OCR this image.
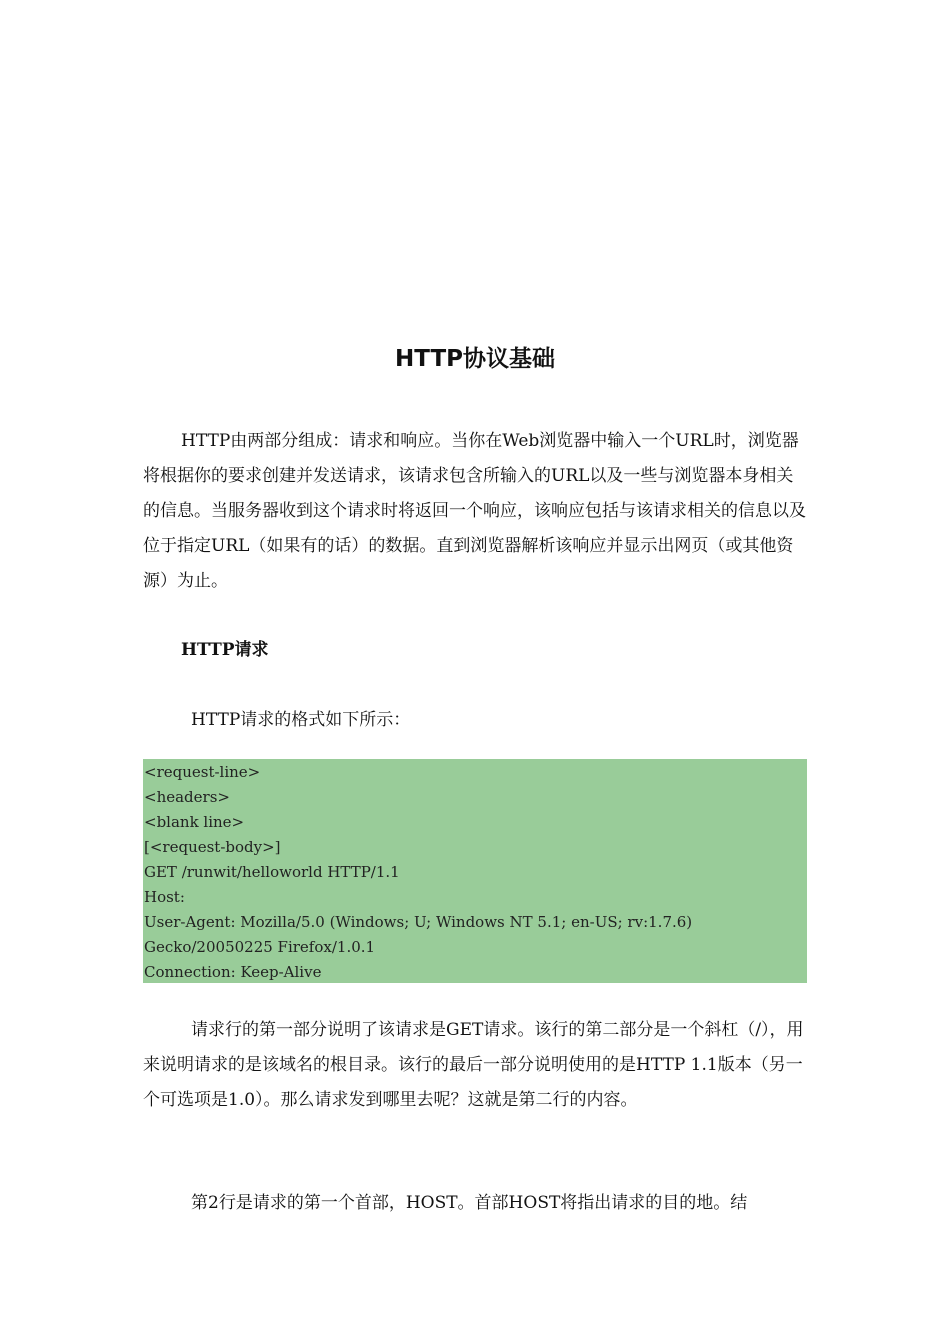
HTTP协议基础

HTTP由两部分组成：请求和响应。当你在Web浏览器中输入一个URL时，浏览器将根据你的要求创建并发送请求，该请求包含所输入的URL以及一些与浏览器本身相关的信息。当服务器收到这个请求时将返回一个响应，该响应包括与该请求相关的信息以及位于指定URL（如果有的话）的数据。直到浏览器解析该响应并显示出网页（或其他资源）为止。

HTTP请求

HTTP请求的格式如下所示：

<request-line>
<headers>
<blank line>
[<request-body>]
GET /runwit/helloworld HTTP/1.1
Host:
User-Agent: Mozilla/5.0 (Windows; U; Windows NT 5.1; en-US; rv:1.7.6)
Gecko/20050225 Firefox/1.0.1
Connection: Keep-Alive

请求行的第一部分说明了该请求是GET请求。该行的第二部分是一个斜杠（/），用来说明请求的是该域名的根目录。该行的最后一部分说明使用的是HTTP 1.1版本（另一个可选项是1.0）。那么请求发到哪里去呢？这就是第二行的内容。

第2行是请求的第一个首部，HOST。首部HOST将指出请求的目的地。结
